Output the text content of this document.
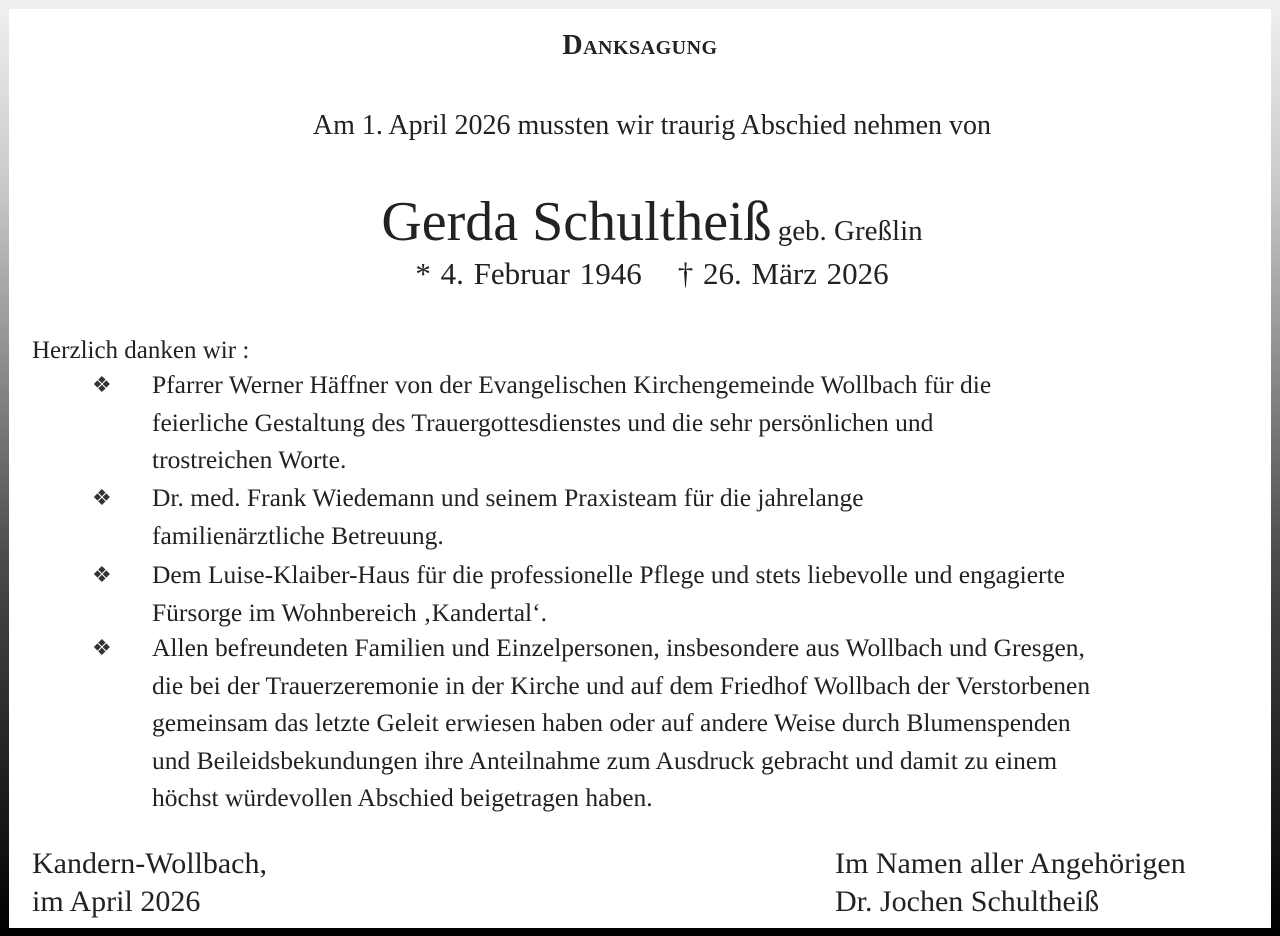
Danksagung
Am 1. April 2026 mussten wir traurig Abschied nehmen von
Gerda Schultheiß geb. Greßlin
* 4. Februar 1946 † 26. März 2026
Herzlich danken wir :
❖ Pfarrer Werner Häffner von der Evangelischen Kirchengemeinde Wollbach für die
feierliche Gestaltung des Trauergottesdienstes und die sehr persönlichen und
trostreichen Worte.
❖ Dr. med. Frank Wiedemann und seinem Praxisteam für die jahrelange
familienärztliche Betreuung.
❖ Dem Luise-Klaiber-Haus für die professionelle Pflege und stets liebevolle und engagierte
Fürsorge im Wohnbereich ‚Kandertal‘.
❖ Allen befreundeten Familien und Einzelpersonen, insbesondere aus Wollbach und Gresgen,
die bei der Trauerzeremonie in der Kirche und auf dem Friedhof Wollbach der Verstorbenen
gemeinsam das letzte Geleit erwiesen haben oder auf andere Weise durch Blumenspenden
und Beileidsbekundungen ihre Anteilnahme zum Ausdruck gebracht und damit zu einem
höchst würdevollen Abschied beigetragen haben.
Kandern-Wollbach,
im April 2026
Im Namen aller Angehörigen
Dr. Jochen Schultheiß
